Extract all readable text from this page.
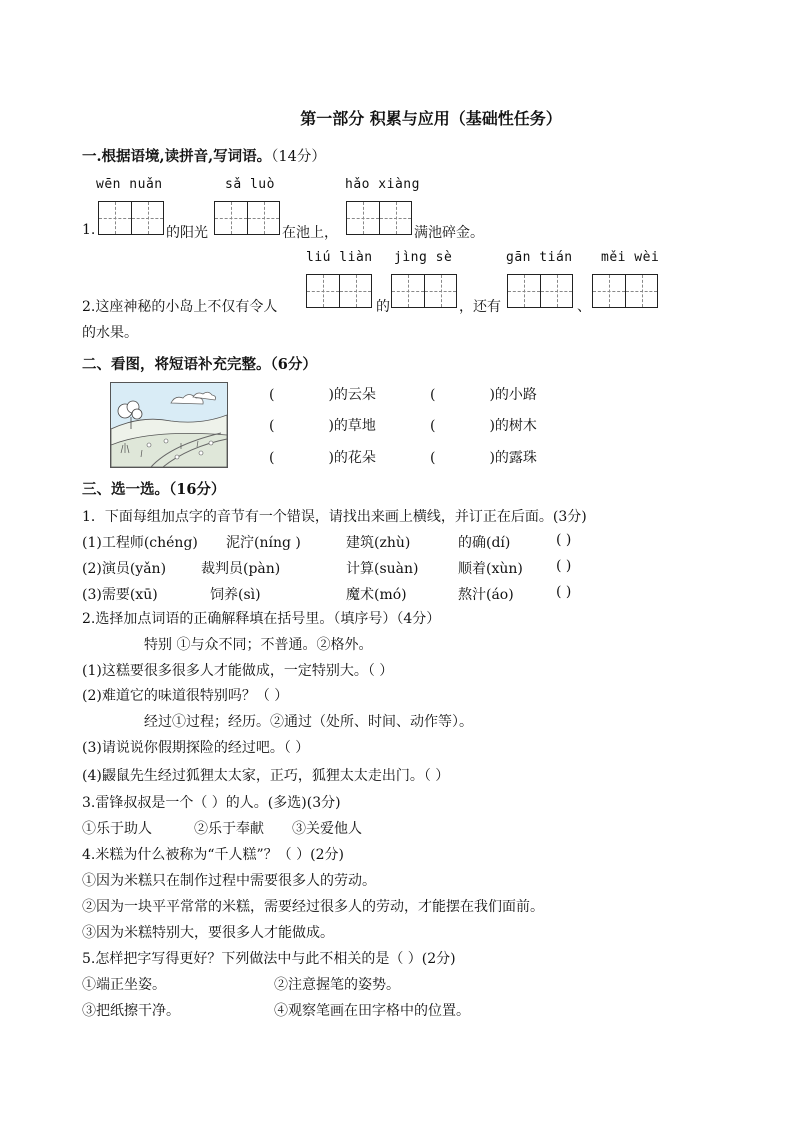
第一部分 积累与应用（基础性任务）
一.根据语境,读拼音,写词语。（14分）
wēn nuǎn	sǎ luò	hǎo xiàng
1.	的阳光	在池上，	满池碎金。
liú liàn jìng sè	gān tián měi wèi
2.这座神秘的小岛上不仅有令人	的	，还有	、
的水果。
二、看图，将短语补充完整。（6分）
(	)的云朵	(	)的小路
(	)的草地	(	)的树木
(	)的花朵	(	)的露珠
三、选一选。（16分）
1．下面每组加点字的音节有一个错误，请找出来画上横线，并订正在后面。(3分)
(1)工程师(chéng) 泥泞(níng )	建筑(zhù)	的确(dí)	( )
(2)演员(yǎn) 裁判员(pàn)	计算(suàn)	顺着(xùn) ( )
(3)需要(xū)	饲养(sì)	魔术(mó)	熬汁(áo)	( )
2.选择加点词语的正确解释填在括号里。（填序号）（4分）
特别 ①与众不同；不普通。②格外。
(1)这糕要很多很多人才能做成，一定特别大。（ ）
(2)难道它的味道很特别吗？（ ）
经过①过程；经历。②通过（处所、时间、动作等）。
(3)请说说你假期探险的经过吧。（ ）
(4)鼹鼠先生经过狐狸太太家，正巧，狐狸太太走出门。（ ）
3.雷锋叔叔是一个（ ）的人。(多选)(3分)
①乐于助人	②乐于奉献 ③关爱他人
4.米糕为什么被称为“千人糕”？（ ）(2分)
①因为米糕只在制作过程中需要很多人的劳动。
②因为一块平平常常的米糕，需要经过很多人的劳动，才能摆在我们面前。
③因为米糕特别大，要很多人才能做成。
5.怎样把字写得更好？下列做法中与此不相关的是（ ）(2分)
①端正坐姿。	②注意握笔的姿势。
③把纸擦干净。	④观察笔画在田字格中的位置。
